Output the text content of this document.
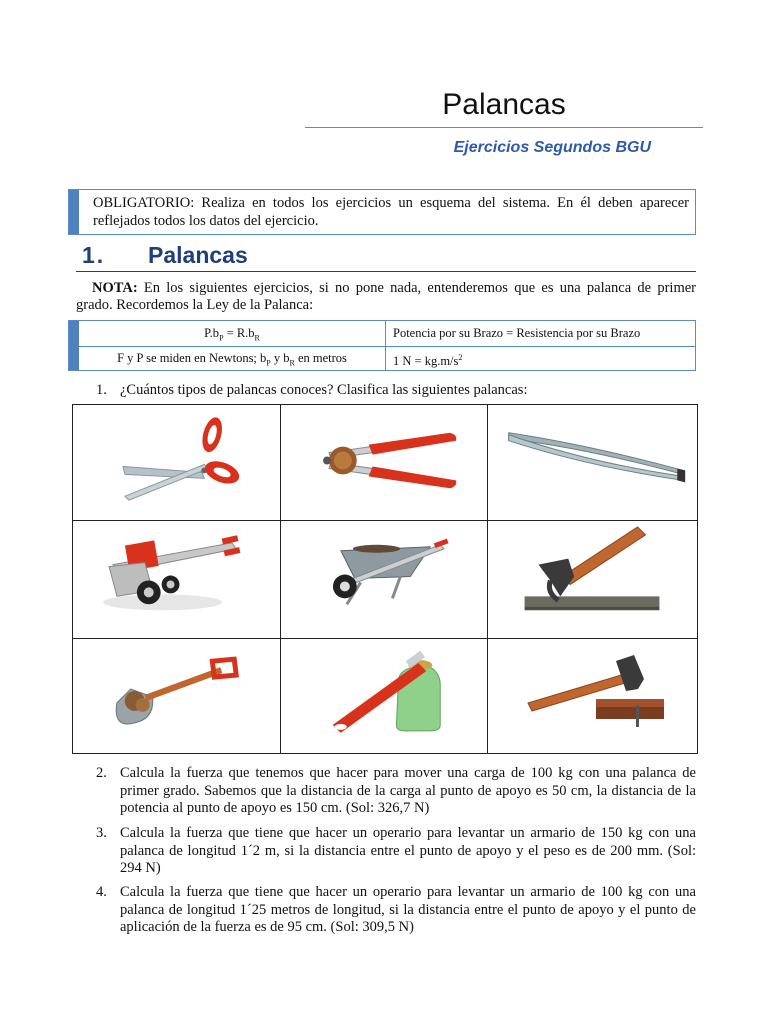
Palancas
Ejercicios Segundos BGU
OBLIGATORIO: Realiza en todos los ejercicios un esquema del sistema. En él deben aparecer reflejados todos los datos del ejercicio.
1. Palancas
NOTA: En los siguientes ejercicios, si no pone nada, entenderemos que es una palanca de primer grado. Recordemos la Ley de la Palanca:
$P.b_P = R.b_R$	Potencia por su Brazo = Resistencia por su Brazo
F y P se miden en Newtons; $b_P$ y $b_R$ en metros	1 $N = kg.m/s^2$
1. ¿Cuántos tipos de palancas conoces? Clasifica las siguientes palancas:
2. Calcula la fuerza que tenemos que hacer para mover una carga de 100 kg con una palanca de primer grado. Sabemos que la distancia de la carga al punto de apoyo es 50 cm, la distancia de la potencia al punto de apoyo es 150 cm. (Sol: 326,7 N)
3. Calcula la fuerza que tiene que hacer un operario para levantar un armario de 150 kg con una palanca de longitud 1´2 m, si la distancia entre el punto de apoyo y el peso es de 200 mm. (Sol: 294 N)
4. Calcula la fuerza que tiene que hacer un operario para levantar un armario de 100 kg con una palanca de longitud 1´25 metros de longitud, si la distancia entre el punto de apoyo y el punto de aplicación de la fuerza es de 95 cm. (Sol: 309,5 N)
